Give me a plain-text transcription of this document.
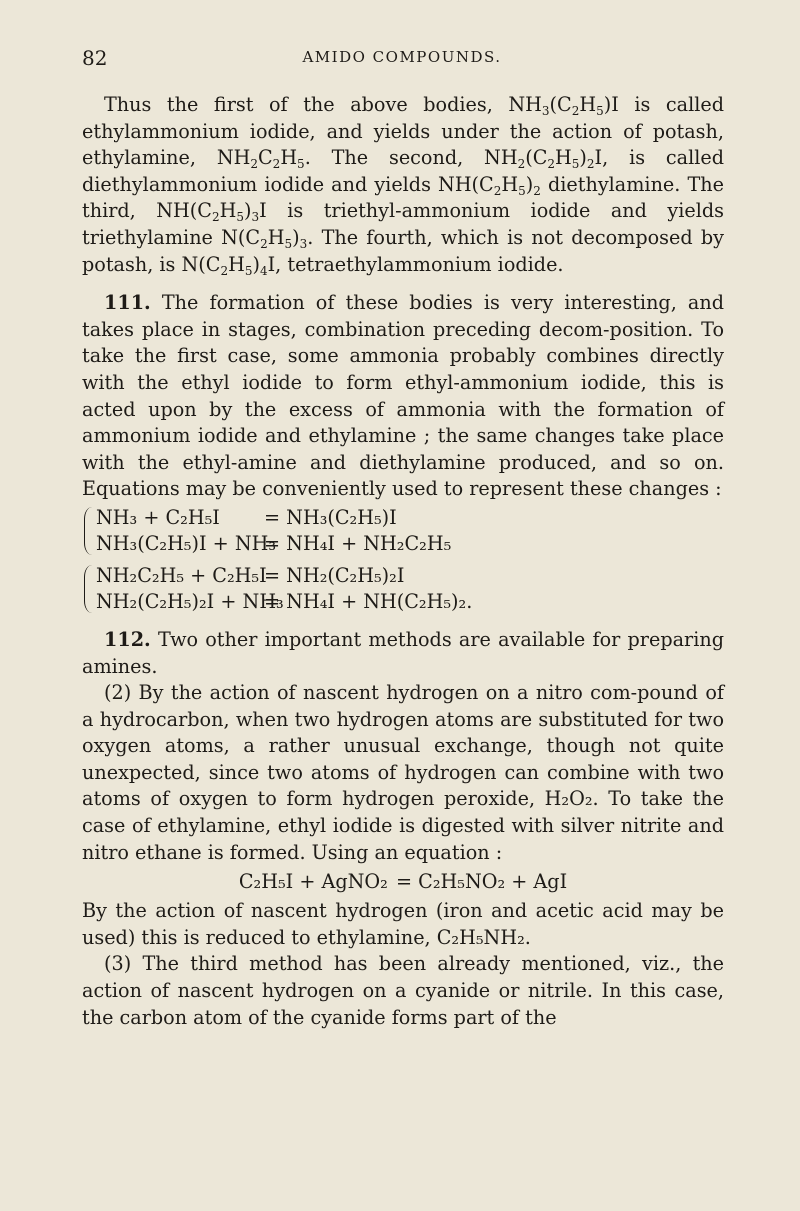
82	AMIDO COMPOUNDS.

Thus the first of the above bodies, $NH_3(C_2H_5)I$ is called ethylammonium iodide, and yields under the action of potash, ethylamine, $NH_2C_2H_5$. The second, $NH_2(C_2H_5)_2I$, is called diethylammonium iodide and yields $NH(C_2H_5)_2$ diethylamine. The third, $NH(C_2H_5)_3I$ is triethyl-ammonium iodide and yields triethylamine $N(C_2H_5)_3$. The fourth, which is not decomposed by potash, is $N(C_2H_5)_4I$, tetraethylammonium iodide.

111. The formation of these bodies is very interesting, and takes place in stages, combination preceding decom-position. To take the first case, some ammonia probably combines directly with the ethyl iodide to form ethyl-ammonium iodide, this is acted upon by the excess of ammonia with the formation of ammonium iodide and ethylamine ; the same changes take place with the ethyl-amine and diethylamine produced, and so on. Equations may be conveniently used to represent these changes :

NH₃ + C₂H₅I	= NH₃(C₂H₅)I
NH₃(C₂H₅)I + NH₃
= NH₄I + NH₂C₂H₅
NH₂C₂H₅ + C₂H₅I
= NH₂(C₂H₅)₂I
NH₂(C₂H₅)₂I + NH₃
= NH₄I + NH(C₂H₅)₂.

112. Two other important methods are available for preparing amines.

(2) By the action of nascent hydrogen on a nitro com-pound of a hydrocarbon, when two hydrogen atoms are substituted for two oxygen atoms, a rather unusual exchange, though not quite unexpected, since two atoms of hydrogen can combine with two atoms of oxygen to form hydrogen peroxide, H₂O₂. To take the case of ethylamine, ethyl iodide is digested with silver nitrite and nitro ethane is formed. Using an equation :

C₂H₅I + AgNO₂ = C₂H₅NO₂ + AgI

By the action of nascent hydrogen (iron and acetic acid may be used) this is reduced to ethylamine, C₂H₅NH₂.

(3) The third method has been already mentioned, viz., the action of nascent hydrogen on a cyanide or nitrile. In this case, the carbon atom of the cyanide forms part of the
